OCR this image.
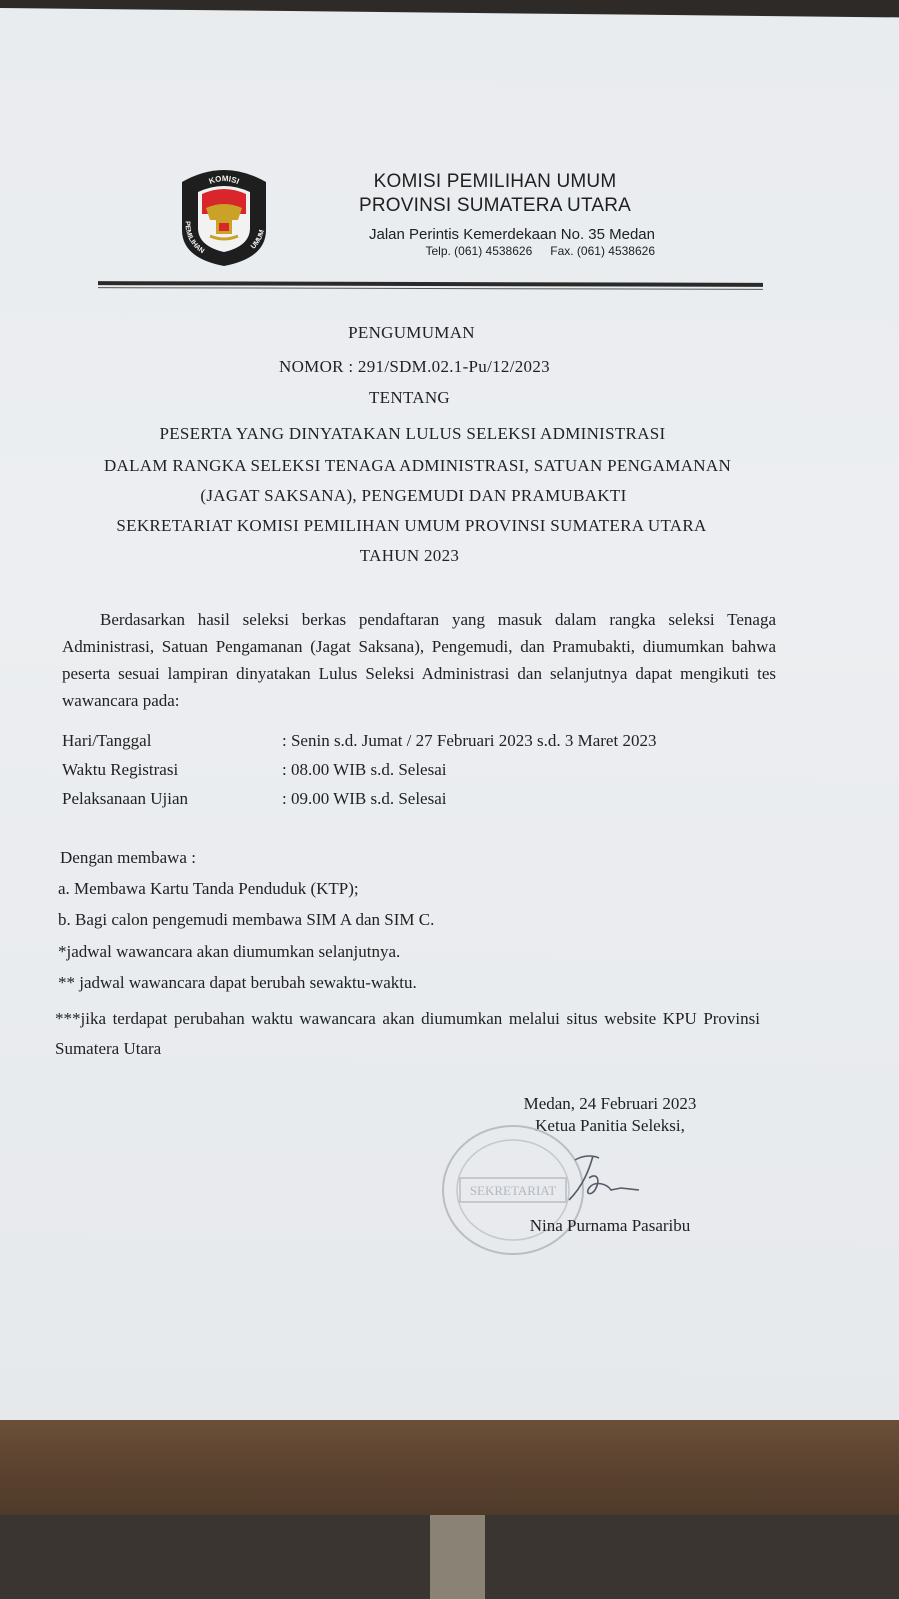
KOMISI
PEMILIHAN
UMUM
KOMISI PEMILIHAN UMUM
PROVINSI SUMATERA UTARA
Jalan Perintis Kemerdekaan No. 35 Medan
Telp. (061) 4538626 Fax. (061) 4538626
PENGUMUMAN
NOMOR : 291/SDM.02.1-Pu/12/2023
TENTANG
PESERTA YANG DINYATAKAN LULUS SELEKSI ADMINISTRASI
DALAM RANGKA SELEKSI TENAGA ADMINISTRASI, SATUAN PENGAMANAN
(JAGAT SAKSANA), PENGEMUDI DAN PRAMUBAKTI
SEKRETARIAT KOMISI PEMILIHAN UMUM PROVINSI SUMATERA UTARA
TAHUN 2023
Berdasarkan hasil seleksi berkas pendaftaran yang masuk dalam rangka seleksi Tenaga Administrasi, Satuan Pengamanan (Jagat Saksana), Pengemudi, dan Pramubakti, diumumkan bahwa peserta sesuai lampiran dinyatakan Lulus Seleksi Administrasi dan selanjutnya dapat mengikuti tes wawancara pada:
Hari/Tanggal	: Senin s.d. Jumat / 27 Februari 2023 s.d. 3 Maret 2023
Waktu Registrasi	: 08.00 WIB s.d. Selesai
Pelaksanaan Ujian	: 09.00 WIB s.d. Selesai
Dengan membawa :
a. Membawa Kartu Tanda Penduduk (KTP);
b. Bagi calon pengemudi membawa SIM A dan SIM C.
*jadwal wawancara akan diumumkan selanjutnya.
** jadwal wawancara dapat berubah sewaktu-waktu.
***jika terdapat perubahan waktu wawancara akan diumumkan melalui situs website KPU Provinsi Sumatera Utara
Medan, 24 Februari 2023
Ketua Panitia Seleksi,
SEKRETARIAT
Nina Purnama Pasaribu
